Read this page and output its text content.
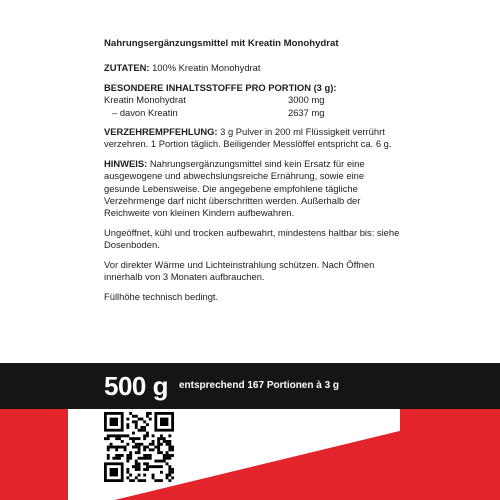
Nahrungsergänzungsmittel mit Kreatin Monohydrat
ZUTATEN: 100% Kreatin Monohydrat
BESONDERE INHALTSSTOFFE PRO PORTION (3 g):
Kreatin Monohydrat	3000 mg
– davon Kreatin	2637 mg
VERZEHREMPFEHLUNG: 3 g Pulver in 200 ml Flüssigkeit verrührt verzehren. 1 Portion täglich. Beiligender Messlöffel entspricht ca. 6 g.
HINWEIS: Nahrungsergänzungsmittel sind kein Ersatz für eine ausgewogene und abwechslungsreiche Ernährung, sowie eine gesunde Lebensweise. Die angegebene empfohlene tägliche Verzehrmenge darf nicht überschritten werden. Außerhalb der Reichweite von kleinen Kindern aufbewahren.
Ungeöffnet, kühl und trocken aufbewahrt, mindestens haltbar bis: siehe Dosenboden.
Vor direkter Wärme und Lichteinstrahlung schützen. Nach Öffnen innerhalb von 3 Monaten aufbrauchen.
Füllhöhe technisch bedingt.
500 g entsprechend 167 Portionen à 3 g
